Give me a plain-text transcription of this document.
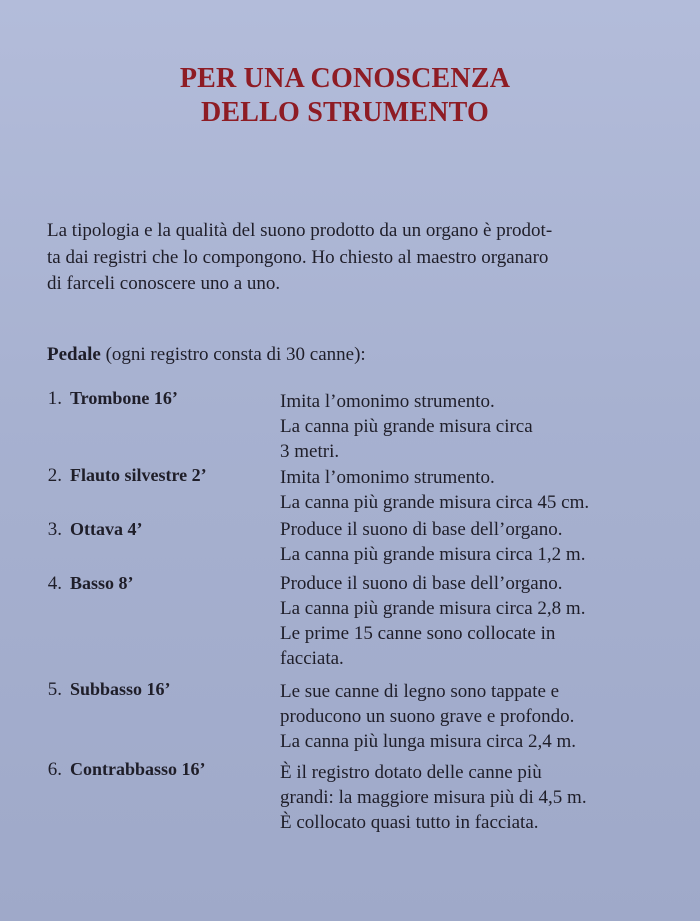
PER UNA CONOSCENZA
DELLO STRUMENTO
La tipologia e la qualità del suono prodotto da un organo è prodot-
ta dai registri che lo compongono. Ho chiesto al maestro organaro
di farceli conoscere uno a uno.
Pedale (ogni registro consta di 30 canne):
1. Trombone 16’	Imita l’omonimo strumento.
La canna più grande misura circa
3 metri.
2. Flauto silvestre 2’	Imita l’omonimo strumento.
La canna più grande misura circa 45 cm.
3. Ottava 4’	Produce il suono di base dell’organo.
La canna più grande misura circa 1,2 m.
4. Basso 8’	Produce il suono di base dell’organo.
La canna più grande misura circa 2,8 m.
Le prime 15 canne sono collocate in
facciata.
5. Subbasso 16’	Le sue canne di legno sono tappate e
producono un suono grave e profondo.
La canna più lunga misura circa 2,4 m.
6. Contrabbasso 16’	È il registro dotato delle canne più
grandi: la maggiore misura più di 4,5 m.
È collocato quasi tutto in facciata.
